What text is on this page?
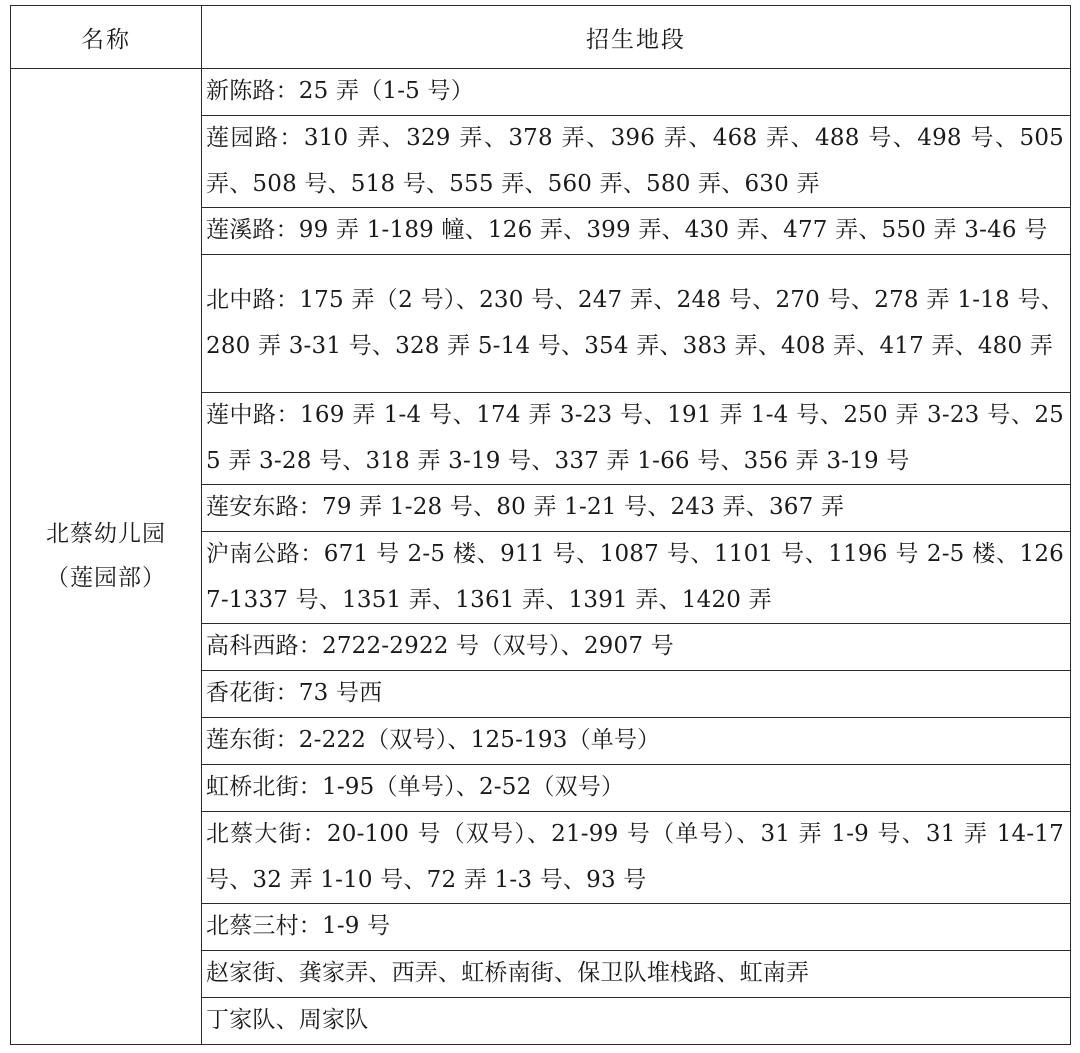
名称	招生地段

北蔡幼儿园
（莲园部）	新陈路：25 弄（1-5 号）
	莲园路：310 弄、329 弄、378 弄、396 弄、468 弄、488 号、498 号、505 弄、508 号、518 号、555 弄、560 弄、580 弄、630 弄
	莲溪路：99 弄 1-189 幢、126 弄、399 弄、430 弄、477 弄、550 弄 3-46 号
	北中路：175 弄（2 号）、230 号、247 弄、248 号、270 号、278 弄 1-18 号、280 弄 3-31 号、328 弄 5-14 号、354 弄、383 弄、408 弄、417 弄、480 弄
	莲中路：169 弄 1-4 号、174 弄 3-23 号、191 弄 1-4 号、250 弄 3-23 号、255 弄 3-28 号、318 弄 3-19 号、337 弄 1-66 号、356 弄 3-19 号
	莲安东路：79 弄 1-28 号、80 弄 1-21 号、243 弄、367 弄
	沪南公路：671 号 2-5 楼、911 号、1087 号、1101 号、1196 号 2-5 楼、1267-1337 号、1351 弄、1361 弄、1391 弄、1420 弄
	高科西路：2722-2922 号（双号）、2907 号
	香花街：73 号西
	莲东街：2-222（双号）、125-193（单号）
	虹桥北街：1-95（单号）、2-52（双号）
	北蔡大街：20-100 号（双号）、21-99 号（单号）、31 弄 1-9 号、31 弄 14-17 号、32 弄 1-10 号、72 弄 1-3 号、93 号
	北蔡三村：1-9 号
	赵家街、龚家弄、西弄、虹桥南街、保卫队堆栈路、虹南弄
	丁家队、周家队
